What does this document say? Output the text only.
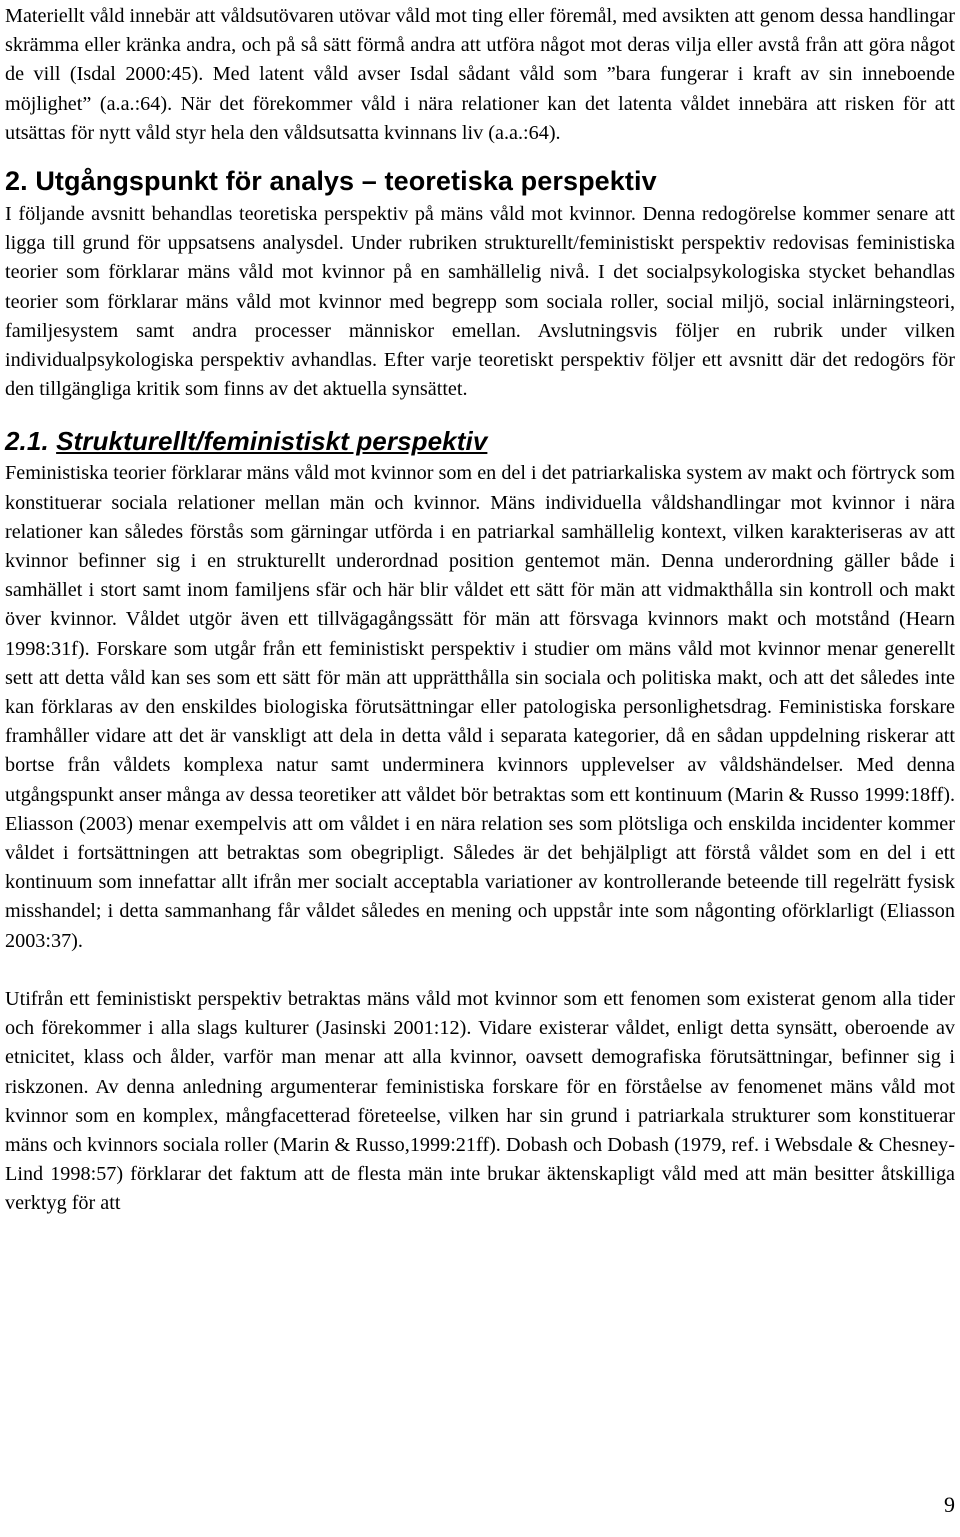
Materiellt våld innebär att våldsutövaren utövar våld mot ting eller föremål, med avsikten att genom dessa handlingar skrämma eller kränka andra, och på så sätt förmå andra att utföra något mot deras vilja eller avstå från att göra något de vill (Isdal 2000:45). Med latent våld avser Isdal sådant våld som ”bara fungerar i kraft av sin inneboende möjlighet” (a.a.:64). När det förekommer våld i nära relationer kan det latenta våldet innebära att risken för att utsättas för nytt våld styr hela den våldsutsatta kvinnans liv (a.a.:64).

2. Utgångspunkt för analys – teoretiska perspektiv

I följande avsnitt behandlas teoretiska perspektiv på mäns våld mot kvinnor. Denna redogörelse kommer senare att ligga till grund för uppsatsens analysdel. Under rubriken strukturellt/feministiskt perspektiv redovisas feministiska teorier som förklarar mäns våld mot kvinnor på en samhällelig nivå. I det socialpsykologiska stycket behandlas teorier som förklarar mäns våld mot kvinnor med begrepp som sociala roller, social miljö, social inlärningsteori, familjesystem samt andra processer människor emellan. Avslutningsvis följer en rubrik under vilken individualpsykologiska perspektiv avhandlas. Efter varje teoretiskt perspektiv följer ett avsnitt där det redogörs för den tillgängliga kritik som finns av det aktuella synsättet.

2.1. Strukturellt/feministiskt perspektiv

Feministiska teorier förklarar mäns våld mot kvinnor som en del i det patriarkaliska system av makt och förtryck som konstituerar sociala relationer mellan män och kvinnor. Mäns individuella våldshandlingar mot kvinnor i nära relationer kan således förstås som gärningar utförda i en patriarkal samhällelig kontext, vilken karakteriseras av att kvinnor befinner sig i en strukturellt underordnad position gentemot män. Denna underordning gäller både i samhället i stort samt inom familjens sfär och här blir våldet ett sätt för män att vidmakthålla sin kontroll och makt över kvinnor. Våldet utgör även ett tillvägagångssätt för män att försvaga kvinnors makt och motstånd (Hearn 1998:31f). Forskare som utgår från ett feministiskt perspektiv i studier om mäns våld mot kvinnor menar generellt sett att detta våld kan ses som ett sätt för män att upprätthålla sin sociala och politiska makt, och att det således inte kan förklaras av den enskildes biologiska förutsättningar eller patologiska personlighetsdrag. Feministiska forskare framhåller vidare att det är vanskligt att dela in detta våld i separata kategorier, då en sådan uppdelning riskerar att bortse från våldets komplexa natur samt underminera kvinnors upplevelser av våldshändelser. Med denna utgångspunkt anser många av dessa teoretiker att våldet bör betraktas som ett kontinuum (Marin & Russo 1999:18ff). Eliasson (2003) menar exempelvis att om våldet i en nära relation ses som plötsliga och enskilda incidenter kommer våldet i fortsättningen att betraktas som obegripligt. Således är det behjälpligt att förstå våldet som en del i ett kontinuum som innefattar allt ifrån mer socialt acceptabla variationer av kontrollerande beteende till regelrätt fysisk misshandel; i detta sammanhang får våldet således en mening och uppstår inte som någonting oförklarligt (Eliasson 2003:37).

Utifrån ett feministiskt perspektiv betraktas mäns våld mot kvinnor som ett fenomen som existerat genom alla tider och förekommer i alla slags kulturer (Jasinski 2001:12). Vidare existerar våldet, enligt detta synsätt, oberoende av etnicitet, klass och ålder, varför man menar att alla kvinnor, oavsett demografiska förutsättningar, befinner sig i riskzonen. Av denna anledning argumenterar feministiska forskare för en förståelse av fenomenet mäns våld mot kvinnor som en komplex, mångfacetterad företeelse, vilken har sin grund i patriarkala strukturer som konstituerar mäns och kvinnors sociala roller (Marin & Russo,1999:21ff). Dobash och Dobash (1979, ref. i Websdale & Chesney-Lind 1998:57) förklarar det faktum att de flesta män inte brukar äktenskapligt våld med att män besitter åtskilliga verktyg för att

9
